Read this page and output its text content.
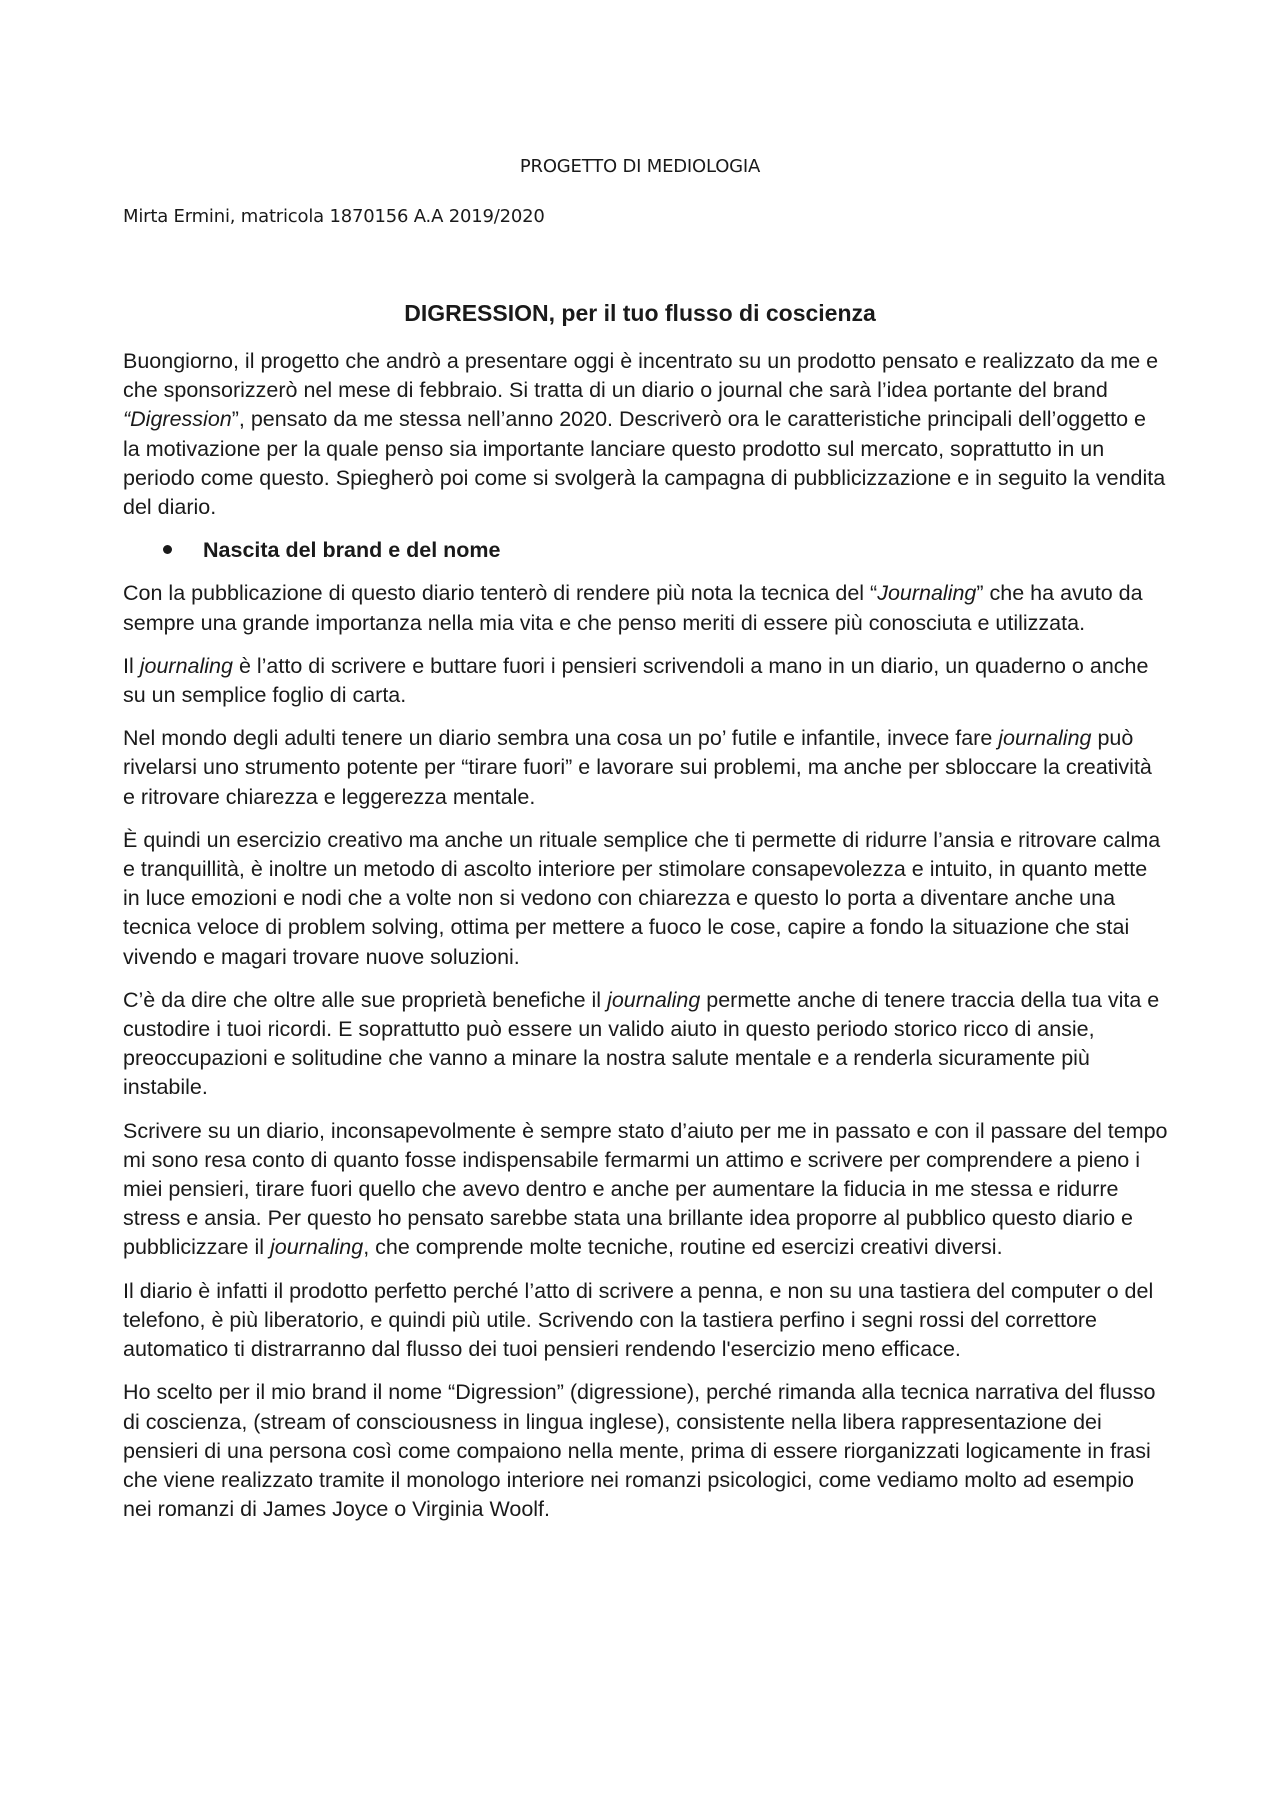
PROGETTO DI MEDIOLOGIA
Mirta Ermini, matricola 1870156 A.A 2019/2020
DIGRESSION, per il tuo flusso di coscienza

Buongiorno, il progetto che andrò a presentare oggi è incentrato su un prodotto pensato e realizzato da me e che sponsorizzerò nel mese di febbraio. Si tratta di un diario o journal che sarà l’idea portante del brand “Digression”, pensato da me stessa nell’anno 2020. Descriverò ora le caratteristiche principali dell’oggetto e la motivazione per la quale penso sia importante lanciare questo prodotto sul mercato, soprattutto in un periodo come questo. Spiegherò poi come si svolgerà la campagna di pubblicizzazione e in seguito la vendita del diario.

Nascita del brand e del nome

Con la pubblicazione di questo diario tenterò di rendere più nota la tecnica del “Journaling” che ha avuto da sempre una grande importanza nella mia vita e che penso meriti di essere più conosciuta e utilizzata.

Il journaling è l’atto di scrivere e buttare fuori i pensieri scrivendoli a mano in un diario, un quaderno o anche su un semplice foglio di carta.

Nel mondo degli adulti tenere un diario sembra una cosa un po’ futile e infantile, invece fare journaling può rivelarsi uno strumento potente per “tirare fuori” e lavorare sui problemi, ma anche per sbloccare la creatività e ritrovare chiarezza e leggerezza mentale.

È quindi un esercizio creativo ma anche un rituale semplice che ti permette di ridurre l’ansia e ritrovare calma e tranquillità, è inoltre un metodo di ascolto interiore per stimolare consapevolezza e intuito, in quanto mette in luce emozioni e nodi che a volte non si vedono con chiarezza e questo lo porta a diventare anche una tecnica veloce di problem solving, ottima per mettere a fuoco le cose, capire a fondo la situazione che stai vivendo e magari trovare nuove soluzioni.

C’è da dire che oltre alle sue proprietà benefiche il journaling permette anche di tenere traccia della tua vita e custodire i tuoi ricordi. E soprattutto può essere un valido aiuto in questo periodo storico ricco di ansie, preoccupazioni e solitudine che vanno a minare la nostra salute mentale e a renderla sicuramente più instabile.

Scrivere su un diario, inconsapevolmente è sempre stato d’aiuto per me in passato e con il passare del tempo mi sono resa conto di quanto fosse indispensabile fermarmi un attimo e scrivere per comprendere a pieno i miei pensieri, tirare fuori quello che avevo dentro e anche per aumentare la fiducia in me stessa e ridurre stress e ansia. Per questo ho pensato sarebbe stata una brillante idea proporre al pubblico questo diario e pubblicizzare il journaling, che comprende molte tecniche, routine ed esercizi creativi diversi.

Il diario è infatti il prodotto perfetto perché l’atto di scrivere a penna, e non su una tastiera del computer o del telefono, è più liberatorio, e quindi più utile. Scrivendo con la tastiera perfino i segni rossi del correttore automatico ti distrarranno dal flusso dei tuoi pensieri rendendo l'esercizio meno efficace.

Ho scelto per il mio brand il nome “Digression” (digressione), perché rimanda alla tecnica narrativa del flusso di coscienza, (stream of consciousness in lingua inglese), consistente nella libera rappresentazione dei pensieri di una persona così come compaiono nella mente, prima di essere riorganizzati logicamente in frasi che viene realizzato tramite il monologo interiore nei romanzi psicologici, come vediamo molto ad esempio nei romanzi di James Joyce o Virginia Woolf.
